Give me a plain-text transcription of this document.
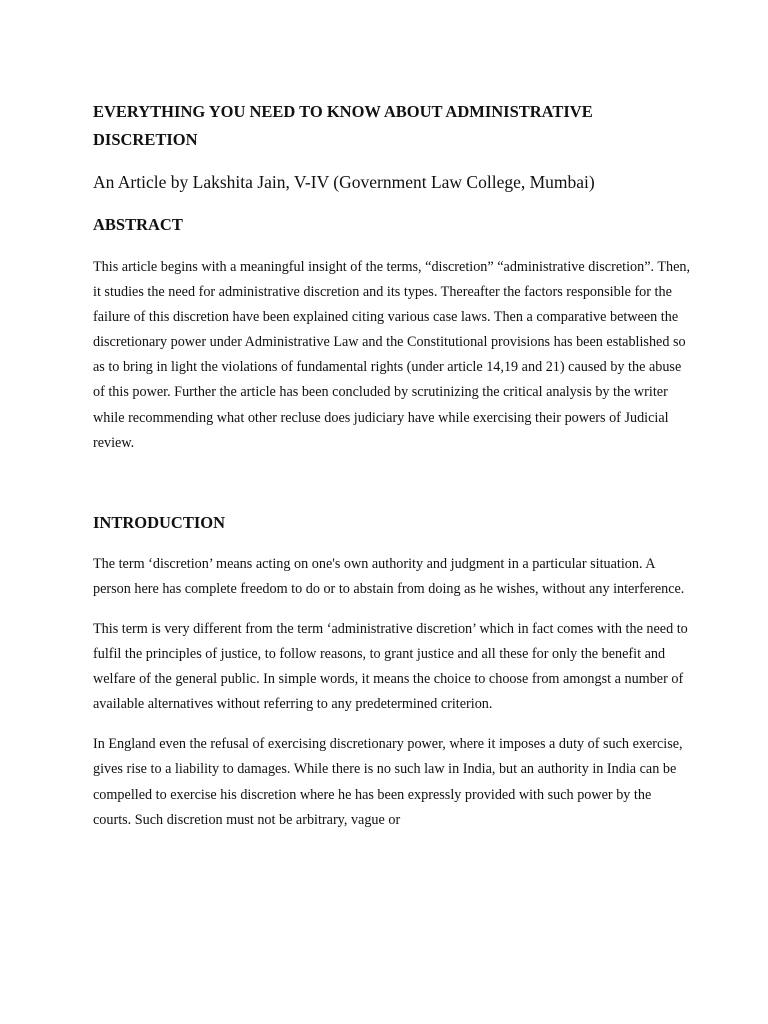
EVERYTHING YOU NEED TO KNOW ABOUT ADMINISTRATIVE DISCRETION

An Article by Lakshita Jain, V-IV (Government Law College, Mumbai)

ABSTRACT

This article begins with a meaningful insight of the terms, “discretion” “administrative discretion”. Then, it studies the need for administrative discretion and its types. Thereafter the factors responsible for the failure of this discretion have been explained citing various case laws. Then a comparative between the discretionary power under Administrative Law and the Constitutional provisions has been established so as to bring in light the violations of fundamental rights (under article 14,19 and 21) caused by the abuse of this power. Further the article has been concluded by scrutinizing the critical analysis by the writer while recommending what other recluse does judiciary have while exercising their powers of Judicial review.

INTRODUCTION

The term ‘discretion’ means acting on one's own authority and judgment in a particular situation. A person here has complete freedom to do or to abstain from doing as he wishes, without any interference.

This term is very different from the term ‘administrative discretion’ which in fact comes with the need to fulfil the principles of justice, to follow reasons, to grant justice and all these for only the benefit and welfare of the general public. In simple words, it means the choice to choose from amongst a number of available alternatives without referring to any predetermined criterion.

In England even the refusal of exercising discretionary power, where it imposes a duty of such exercise, gives rise to a liability to damages. While there is no such law in India, but an authority in India can be compelled to exercise his discretion where he has been expressly provided with such power by the courts. Such discretion must not be arbitrary, vague or
